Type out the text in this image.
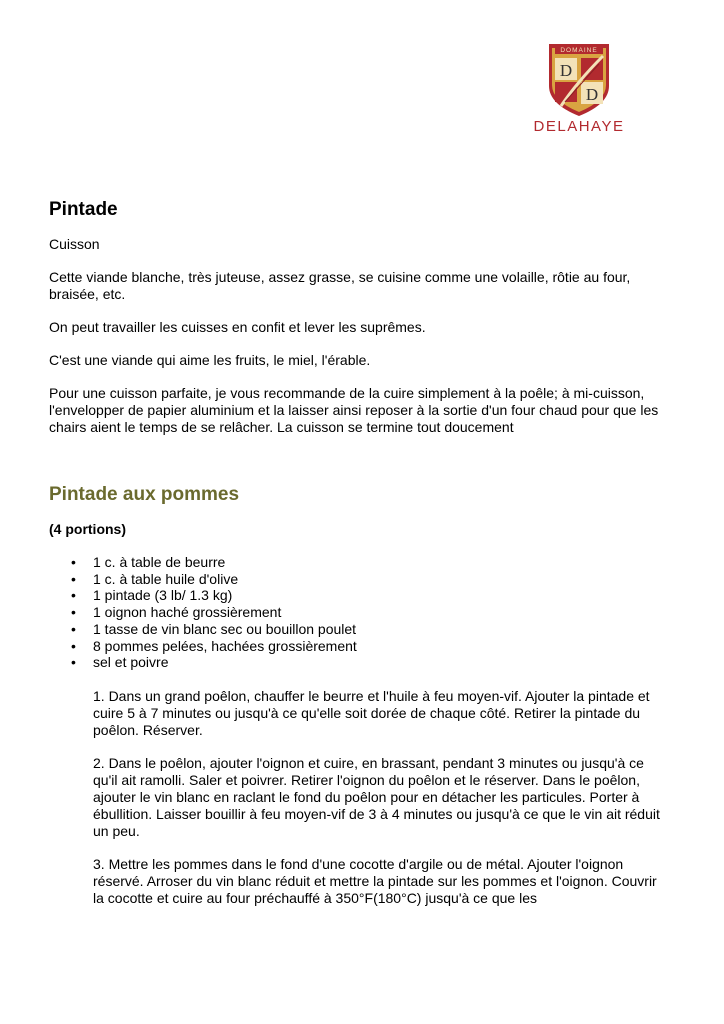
DOMAINE
D
D
DELAHAYE
Pintade
Cuisson

Cette viande blanche, très juteuse, assez grasse, se cuisine comme une volaille, rôtie au four, braisée, etc.

On peut travailler les cuisses en confit et lever les suprêmes.

C'est une viande qui aime les fruits, le miel, l'érable.

Pour une cuisson parfaite, je vous recommande de la cuire simplement à la poêle; à mi-cuisson, l'envelopper de papier aluminium et la laisser ainsi reposer à la sortie d'un four chaud pour que les chairs aient le temps de se relâcher. La cuisson se termine tout doucement

Pintade aux pommes
(4 portions)
• 1 c. à table de beurre
• 1 c. à table huile d'olive
• 1 pintade (3 lb/ 1.3 kg)
• 1 oignon haché grossièrement
• 1 tasse de vin blanc sec ou bouillon poulet
• 8 pommes pelées, hachées grossièrement
• sel et poivre

1. Dans un grand poêlon, chauffer le beurre et l'huile à feu moyen-vif. Ajouter la pintade et cuire 5 à 7 minutes ou jusqu'à ce qu'elle soit dorée de chaque côté. Retirer la pintade du poêlon. Réserver.

2. Dans le poêlon, ajouter l'oignon et cuire, en brassant, pendant 3 minutes ou jusqu'à ce qu'il ait ramolli. Saler et poivrer. Retirer l'oignon du poêlon et le réserver. Dans le poêlon, ajouter le vin blanc en raclant le fond du poêlon pour en détacher les particules. Porter à ébullition. Laisser bouillir à feu moyen-vif de 3 à 4 minutes ou jusqu'à ce que le vin ait réduit un peu.

3. Mettre les pommes dans le fond d'une cocotte d'argile ou de métal. Ajouter l'oignon réservé. Arroser du vin blanc réduit et mettre la pintade sur les pommes et l'oignon. Couvrir la cocotte et cuire au four préchauffé à 350°F(180°C) jusqu'à ce que les
